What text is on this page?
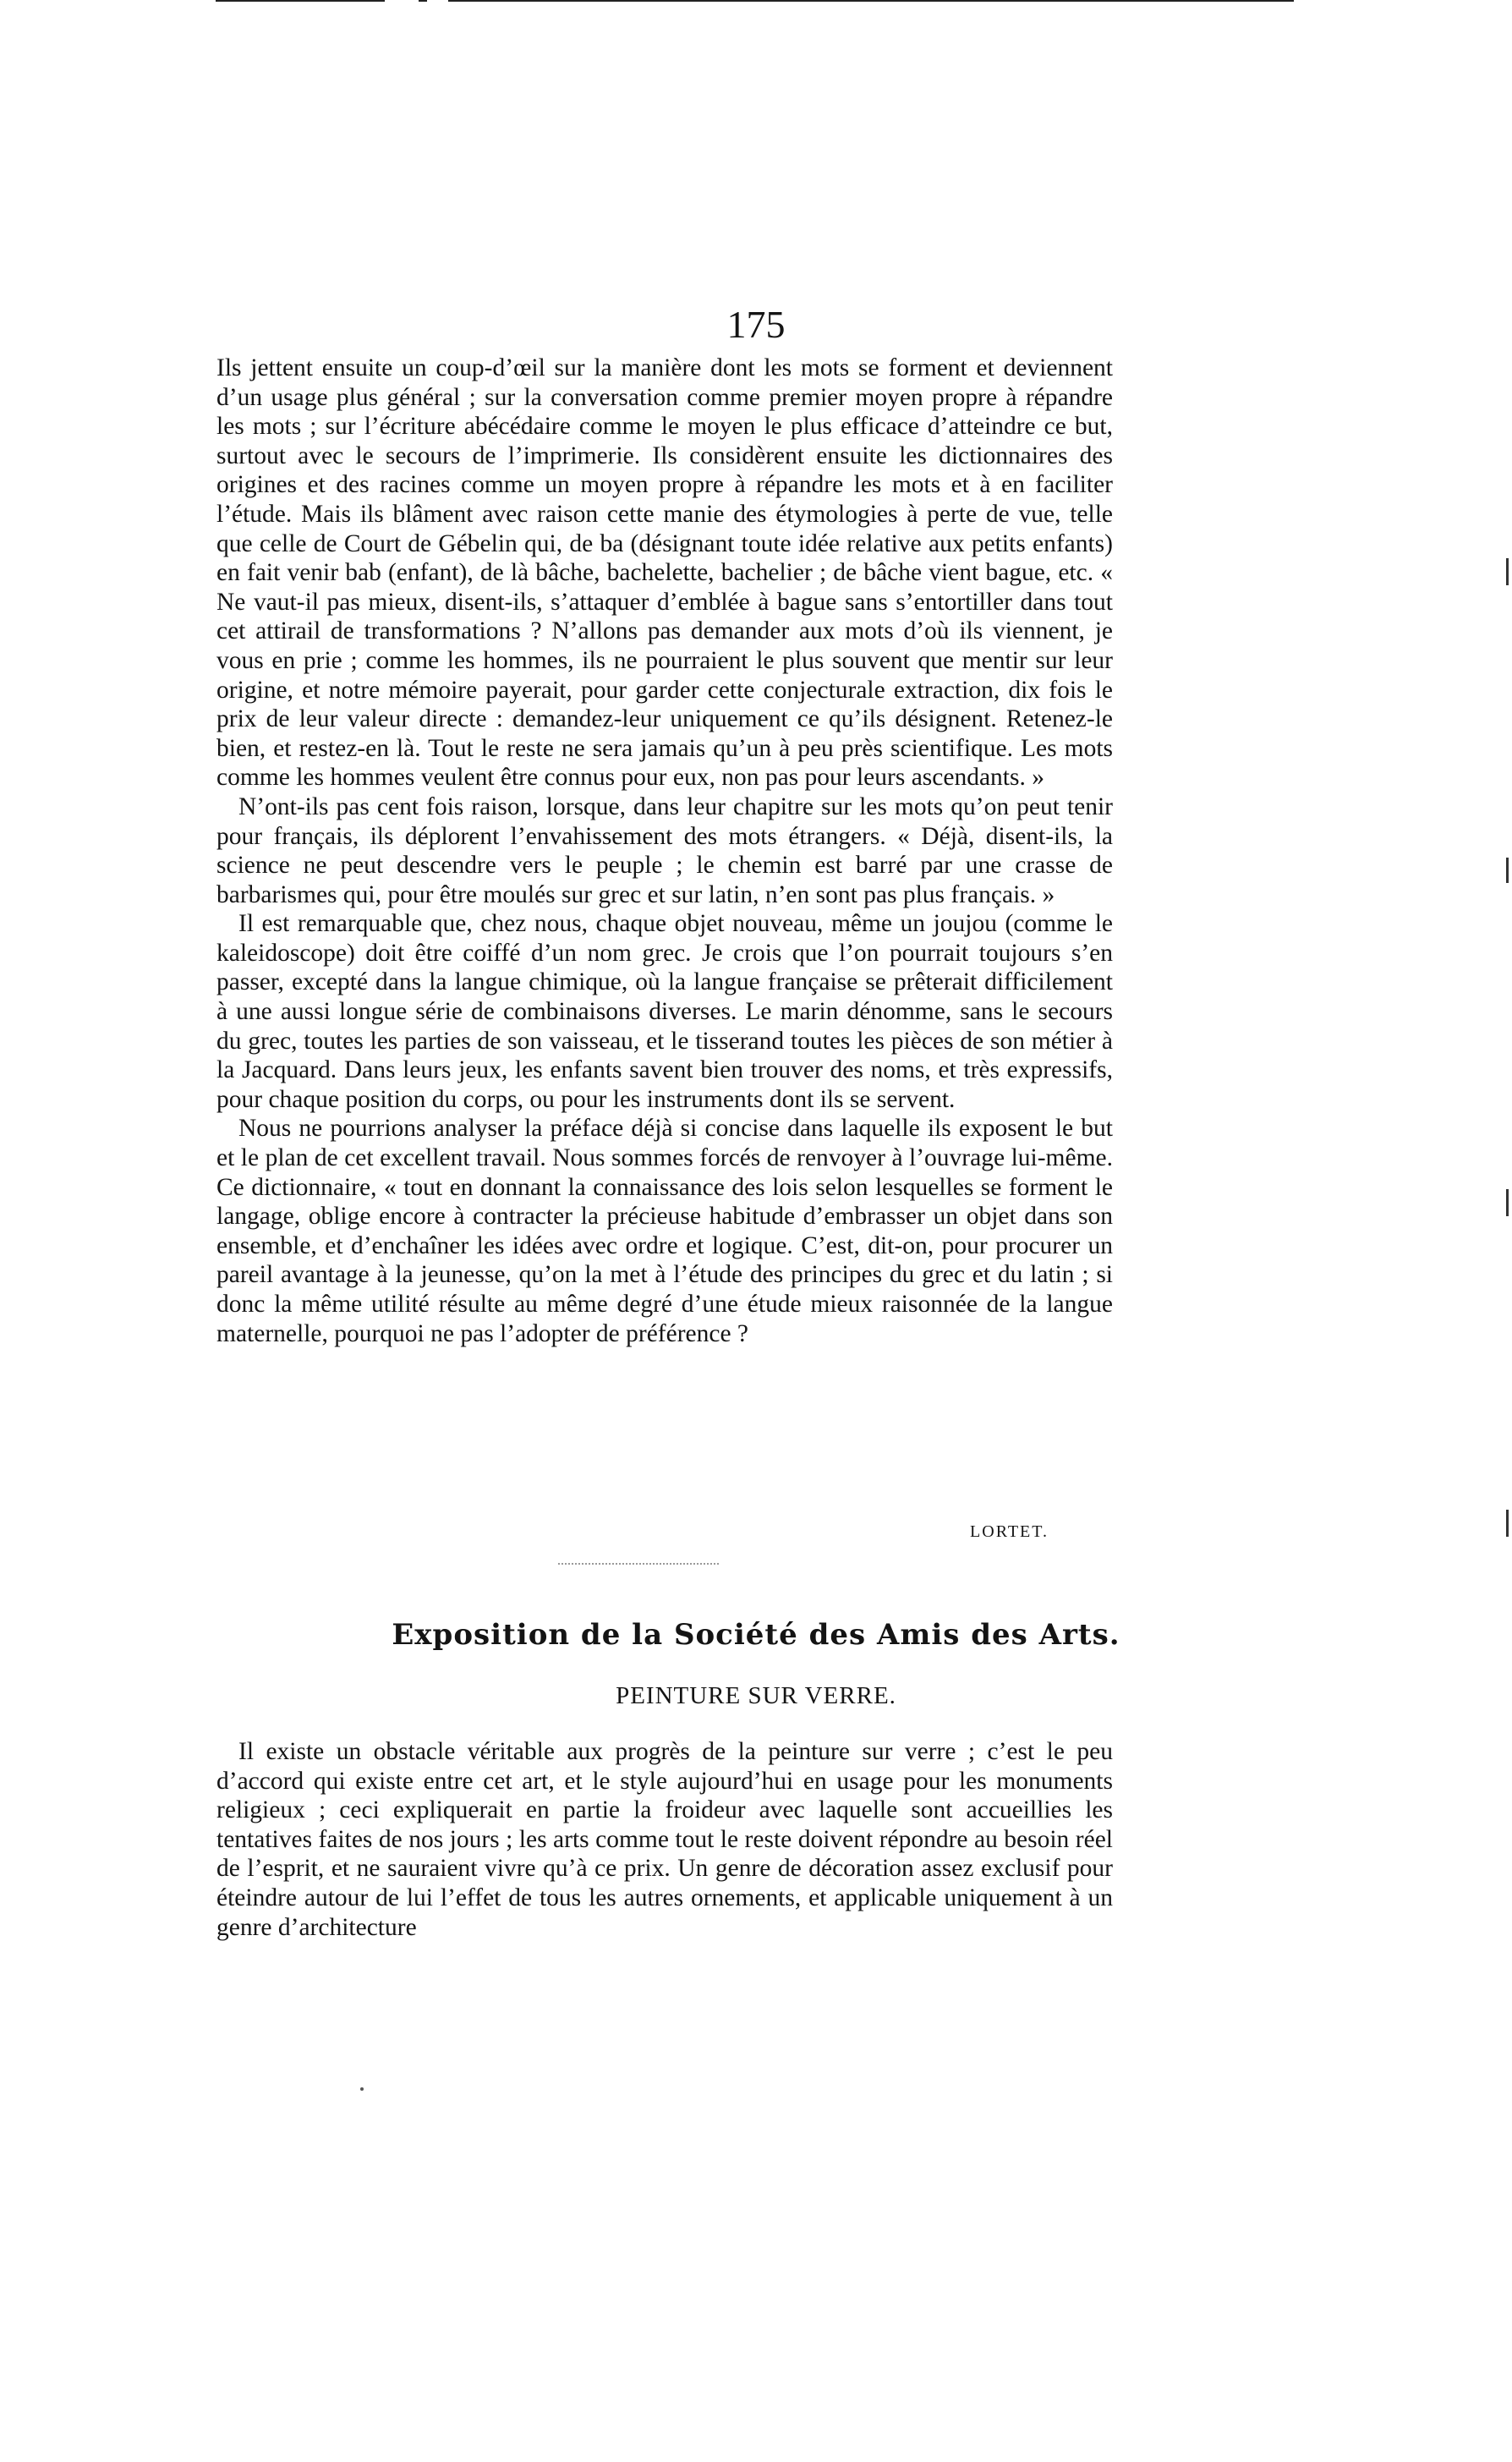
175

Ils jettent ensuite un coup-d’œil sur la manière dont les mots se forment et deviennent d’un usage plus général ; sur la conversation comme premier moyen propre à répandre les mots ; sur l’écriture abécédaire comme le moyen le plus efficace d’atteindre ce but, surtout avec le secours de l’imprimerie. Ils considèrent ensuite les dictionnaires des origines et des racines comme un moyen propre à répandre les mots et à en faciliter l’étude. Mais ils blâment avec raison cette manie des étymologies à perte de vue, telle que celle de Court de Gébelin qui, de ba (désignant toute idée relative aux petits enfants) en fait venir bab (enfant), de là bâche, bachelette, bachelier ; de bâche vient bague, etc. « Ne vaut-il pas mieux, disent-ils, s’attaquer d’emblée à bague sans s’entortiller dans tout cet attirail de transformations ? N’allons pas demander aux mots d’où ils viennent, je vous en prie ; comme les hommes, ils ne pourraient le plus souvent que mentir sur leur origine, et notre mémoire payerait, pour garder cette conjecturale extraction, dix fois le prix de leur valeur directe : demandez-leur uniquement ce qu’ils désignent. Retenez-le bien, et restez-en là. Tout le reste ne sera jamais qu’un à peu près scientifique. Les mots comme les hommes veulent être connus pour eux, non pas pour leurs ascendants. »

N’ont-ils pas cent fois raison, lorsque, dans leur chapitre sur les mots qu’on peut tenir pour français, ils déplorent l’envahissement des mots étrangers. « Déjà, disent-ils, la science ne peut descendre vers le peuple ; le chemin est barré par une crasse de barbarismes qui, pour être moulés sur grec et sur latin, n’en sont pas plus français. »

Il est remarquable que, chez nous, chaque objet nouveau, même un joujou (comme le kaleidoscope) doit être coiffé d’un nom grec. Je crois que l’on pourrait toujours s’en passer, excepté dans la langue chimique, où la langue française se prêterait difficilement à une aussi longue série de combinaisons diverses. Le marin dénomme, sans le secours du grec, toutes les parties de son vaisseau, et le tisserand toutes les pièces de son métier à la Jacquard. Dans leurs jeux, les enfants savent bien trouver des noms, et très expressifs, pour chaque position du corps, ou pour les instruments dont ils se servent.

Nous ne pourrions analyser la préface déjà si concise dans laquelle ils exposent le but et le plan de cet excellent travail. Nous sommes forcés de renvoyer à l’ouvrage lui-même. Ce dictionnaire, « tout en donnant la connaissance des lois selon lesquelles se forment le langage, oblige encore à contracter la précieuse habitude d’embrasser un objet dans son ensemble, et d’enchaîner les idées avec ordre et logique. C’est, dit-on, pour procurer un pareil avantage à la jeunesse, qu’on la met à l’étude des principes du grec et du latin ; si donc la même utilité résulte au même degré d’une étude mieux raisonnée de la langue maternelle, pourquoi ne pas l’adopter de préférence ?

LORTET.
Exposition de la Société des Amis des Arts.
PEINTURE SUR VERRE.

Il existe un obstacle véritable aux progrès de la peinture sur verre ; c’est le peu d’accord qui existe entre cet art, et le style aujourd’hui en usage pour les monuments religieux ; ceci expliquerait en partie la froideur avec laquelle sont accueillies les tentatives faites de nos jours ; les arts comme tout le reste doivent répondre au besoin réel de l’esprit, et ne sauraient vivre qu’à ce prix. Un genre de décoration assez exclusif pour éteindre autour de lui l’effet de tous les autres ornements, et applicable uniquement à un genre d’architecture
